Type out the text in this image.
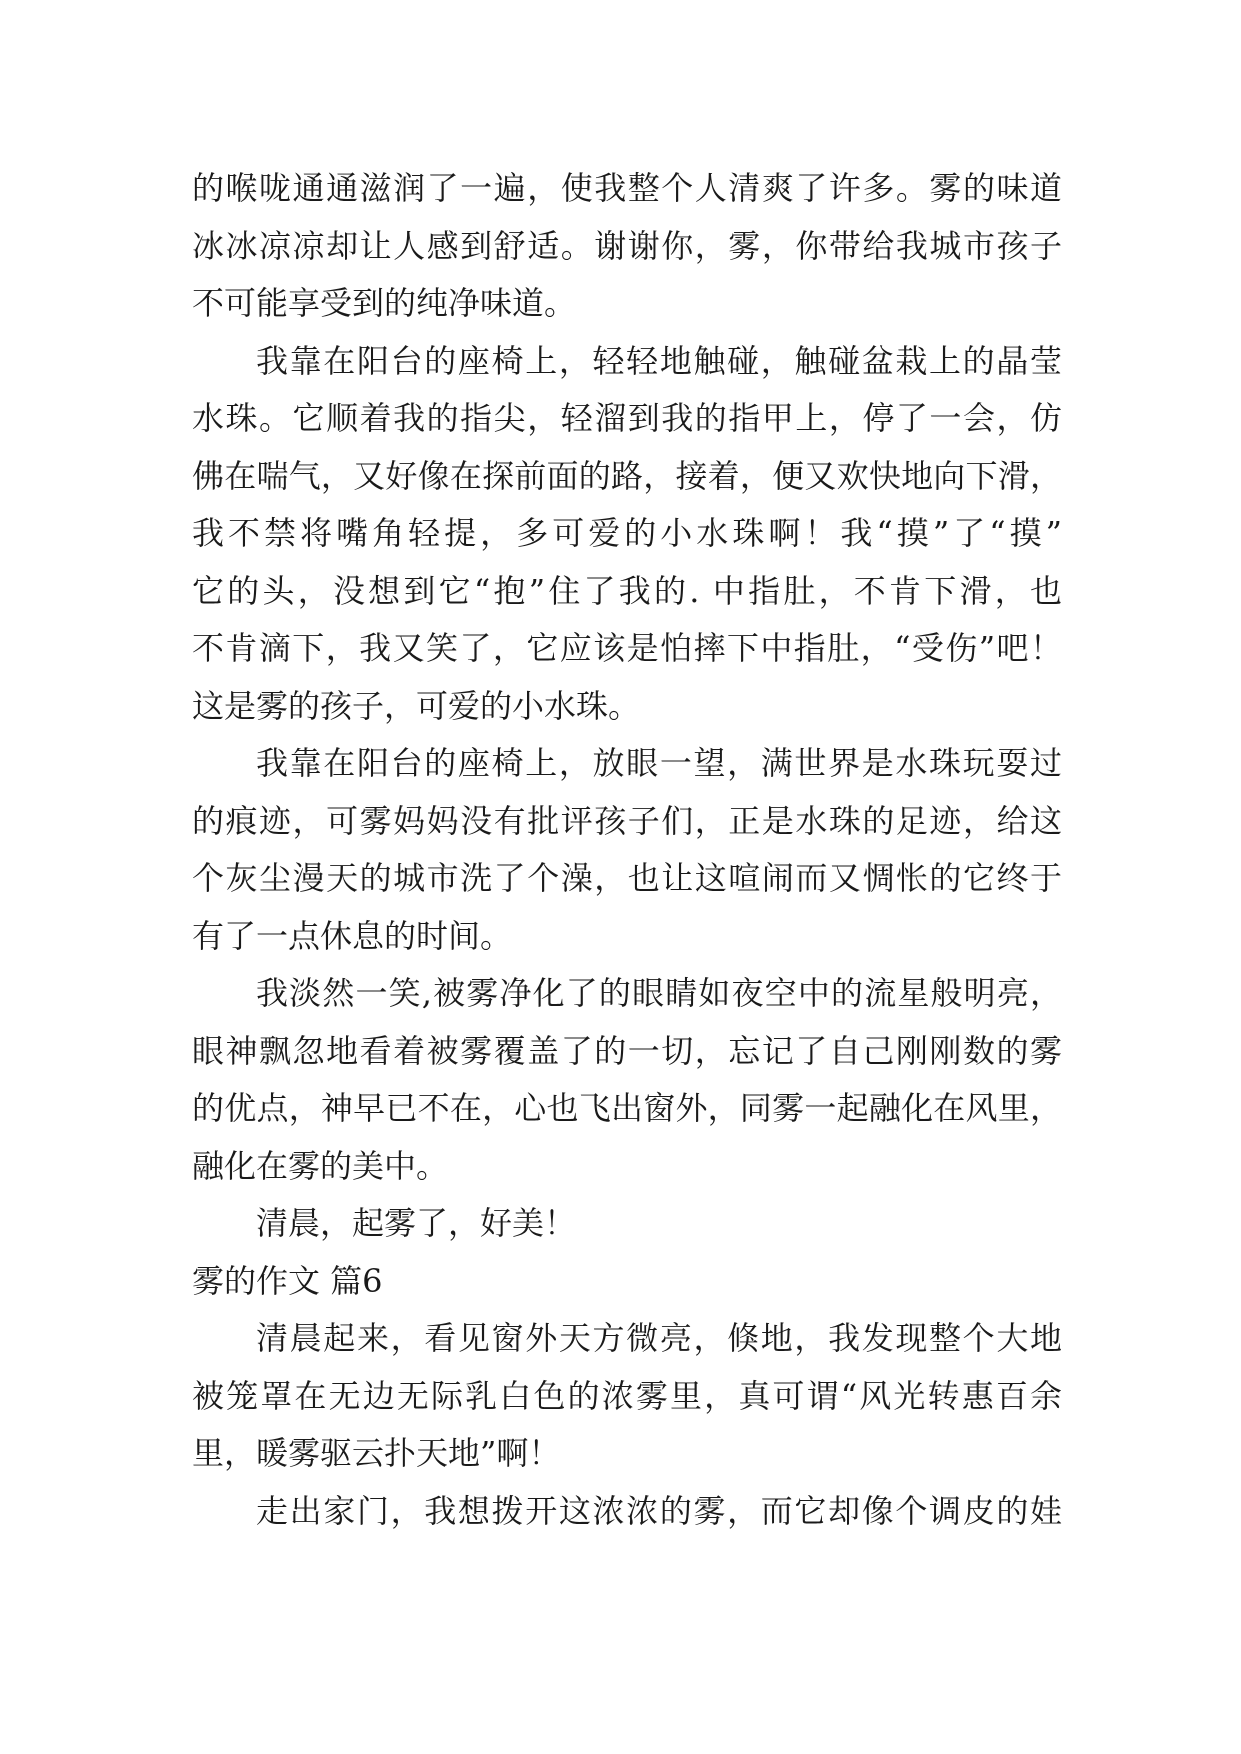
的喉咙通通滋润了一遍，使我整个人清爽了许多。雾的味道
冰冰凉凉却让人感到舒适。谢谢你，雾，你带给我城市孩子
不可能享受到的纯净味道。
我靠在阳台的座椅上，轻轻地触碰，触碰盆栽上的晶莹
水珠。它顺着我的指尖，轻溜到我的指甲上，停了一会，仿
佛在喘气，又好像在探前面的路，接着，便又欢快地向下滑，
我不禁将嘴角轻提，多可爱的小水珠啊！我“摸”了“摸”
它的头，没想到它“抱”住了我的. 中指肚，不肯下滑，也
不肯滴下，我又笑了，它应该是怕摔下中指肚，“受伤”吧！
这是雾的孩子，可爱的小水珠。
我靠在阳台的座椅上，放眼一望，满世界是水珠玩耍过
的痕迹，可雾妈妈没有批评孩子们，正是水珠的足迹，给这
个灰尘漫天的城市洗了个澡，也让这喧闹而又惆怅的它终于
有了一点休息的时间。
我淡然一笑,被雾净化了的眼睛如夜空中的流星般明亮，
眼神飘忽地看着被雾覆盖了的一切，忘记了自己刚刚数的雾
的优点，神早已不在，心也飞出窗外，同雾一起融化在风里，
融化在雾的美中。
清晨，起雾了，好美！
雾的作文 篇6
清晨起来，看见窗外天方微亮，倏地，我发现整个大地
被笼罩在无边无际乳白色的浓雾里，真可谓“风光转惠百余
里，暖雾驱云扑天地”啊！
走出家门，我想拨开这浓浓的雾，而它却像个调皮的娃
